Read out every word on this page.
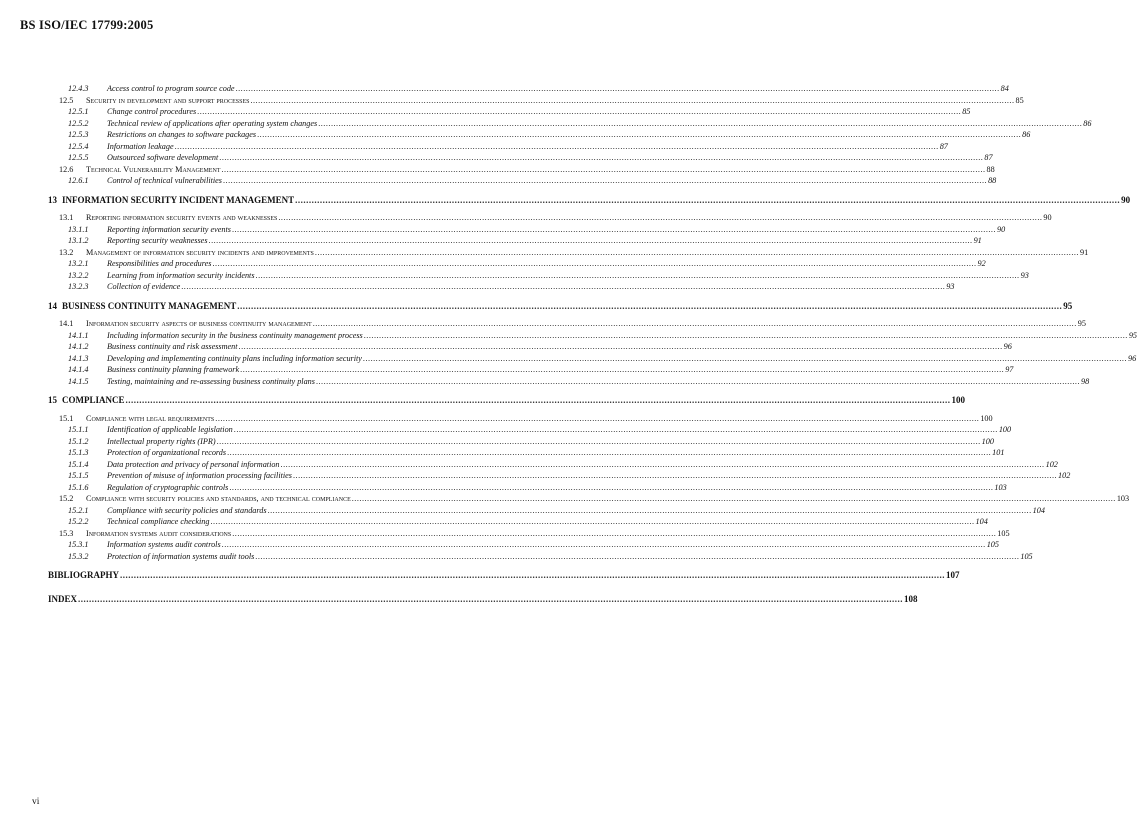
BS ISO/IEC 17799:2005
12.4.3	Access control to program source code ............................................................................................................................................................................................................................................................................................................ 84
12.5	Security in development and support processes ............................................................................................................................................................................................................................................................................................................ 85
12.5.1	Change control procedures ............................................................................................................................................................................................................................................................................................................ 85
12.5.2	Technical review of applications after operating system changes ............................................................................................................................................................................................................................................................................................................ 86
12.5.3	Restrictions on changes to software packages ............................................................................................................................................................................................................................................................................................................ 86
12.5.4	Information leakage ............................................................................................................................................................................................................................................................................................................ 87
12.5.5	Outsourced software development ............................................................................................................................................................................................................................................................................................................ 87
12.6	Technical Vulnerability Management ............................................................................................................................................................................................................................................................................................................ 88
12.6.1	Control of technical vulnerabilities ............................................................................................................................................................................................................................................................................................................ 88
13 INFORMATION SECURITY INCIDENT MANAGEMENT ............................................................................................................................................................................................................................................................................................................ 90
13.1	Reporting information security events and weaknesses ............................................................................................................................................................................................................................................................................................................ 90
13.1.1	Reporting information security events ............................................................................................................................................................................................................................................................................................................ 90
13.1.2	Reporting security weaknesses ............................................................................................................................................................................................................................................................................................................ 91
13.2	Management of information security incidents and improvements ............................................................................................................................................................................................................................................................................................................ 91
13.2.1	Responsibilities and procedures ............................................................................................................................................................................................................................................................................................................ 92
13.2.2	Learning from information security incidents ............................................................................................................................................................................................................................................................................................................ 93
13.2.3	Collection of evidence ............................................................................................................................................................................................................................................................................................................ 93
14 BUSINESS CONTINUITY MANAGEMENT ............................................................................................................................................................................................................................................................................................................ 95
14.1	Information security aspects of business continuity management ............................................................................................................................................................................................................................................................................................................ 95
14.1.1	Including information security in the business continuity management process ............................................................................................................................................................................................................................................................................................................ 95
14.1.2	Business continuity and risk assessment ............................................................................................................................................................................................................................................................................................................ 96
14.1.3	Developing and implementing continuity plans including information security ............................................................................................................................................................................................................................................................................................................ 96
14.1.4	Business continuity planning framework ............................................................................................................................................................................................................................................................................................................ 97
14.1.5	Testing, maintaining and re-assessing business continuity plans ............................................................................................................................................................................................................................................................................................................ 98
15 COMPLIANCE ............................................................................................................................................................................................................................................................................................................ 100
15.1	Compliance with legal requirements ............................................................................................................................................................................................................................................................................................................ 100
15.1.1	Identification of applicable legislation ............................................................................................................................................................................................................................................................................................................ 100
15.1.2	Intellectual property rights (IPR) ............................................................................................................................................................................................................................................................................................................ 100
15.1.3	Protection of organizational records ............................................................................................................................................................................................................................................................................................................ 101
15.1.4	Data protection and privacy of personal information ............................................................................................................................................................................................................................................................................................................ 102
15.1.5	Prevention of misuse of information processing facilities ............................................................................................................................................................................................................................................................................................................ 102
15.1.6	Regulation of cryptographic controls ............................................................................................................................................................................................................................................................................................................ 103
15.2	Compliance with security policies and standards, and technical compliance ............................................................................................................................................................................................................................................................................................................ 103
15.2.1	Compliance with security policies and standards ............................................................................................................................................................................................................................................................................................................ 104
15.2.2	Technical compliance checking ............................................................................................................................................................................................................................................................................................................ 104
15.3	Information systems audit considerations ............................................................................................................................................................................................................................................................................................................ 105
15.3.1	Information systems audit controls ............................................................................................................................................................................................................................................................................................................ 105
15.3.2	Protection of information systems audit tools ............................................................................................................................................................................................................................................................................................................ 105
BIBLIOGRAPHY ............................................................................................................................................................................................................................................................................................................ 107
INDEX ............................................................................................................................................................................................................................................................................................................ 108
vi
